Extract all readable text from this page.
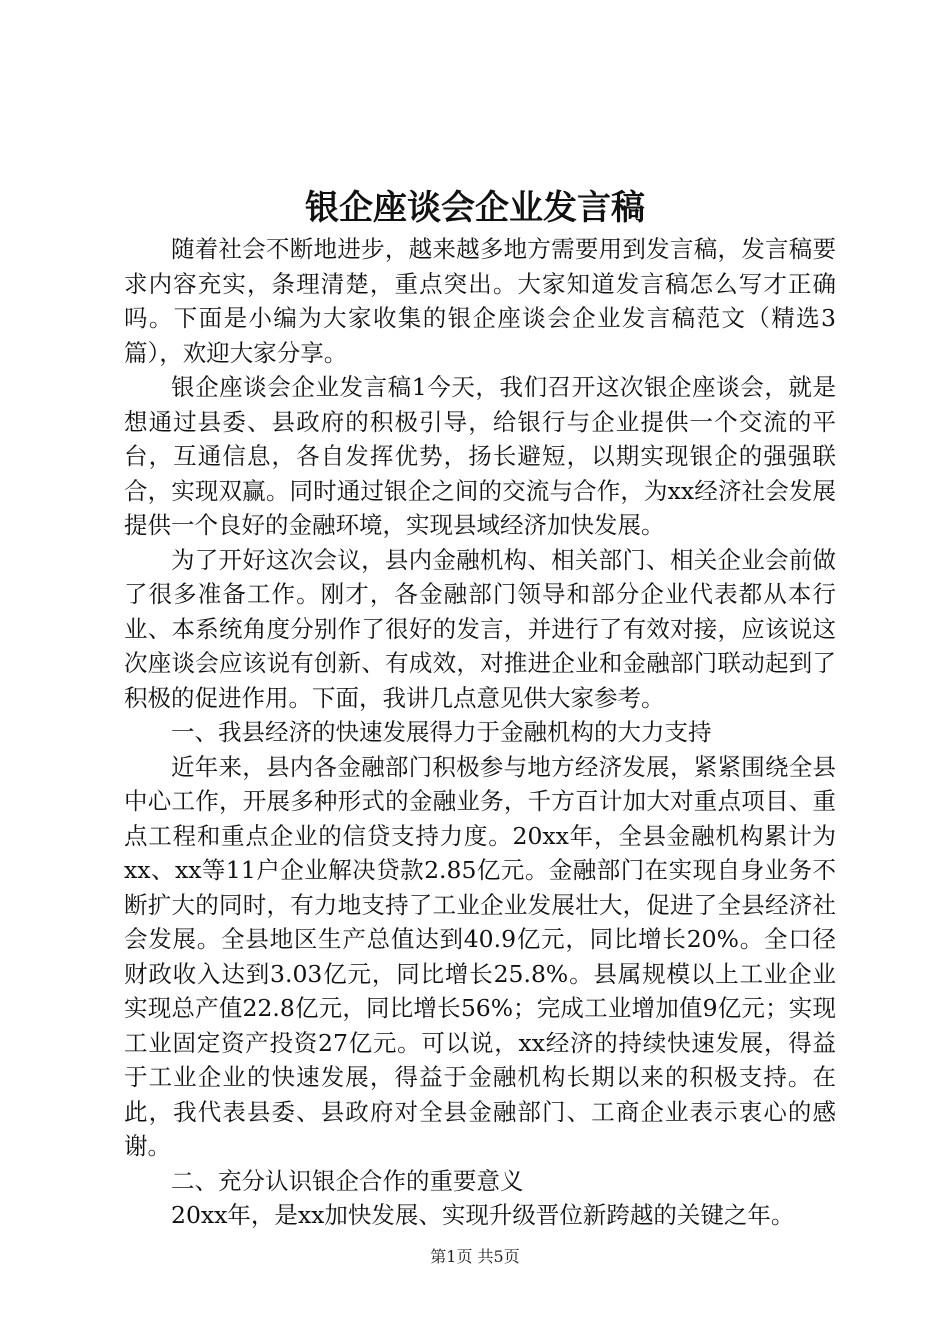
银企座谈会企业发言稿

随着社会不断地进步，越来越多地方需要用到发言稿，发言稿要求内容充实，条理清楚，重点突出。大家知道发言稿怎么写才正确吗。下面是小编为大家收集的银企座谈会企业发言稿范文（精选3篇），欢迎大家分享。

银企座谈会企业发言稿1今天，我们召开这次银企座谈会，就是想通过县委、县政府的积极引导，给银行与企业提供一个交流的平台，互通信息，各自发挥优势，扬长避短，以期实现银企的强强联合，实现双赢。同时通过银企之间的交流与合作，为xx经济社会发展提供一个良好的金融环境，实现县域经济加快发展。

为了开好这次会议，县内金融机构、相关部门、相关企业会前做了很多准备工作。刚才，各金融部门领导和部分企业代表都从本行业、本系统角度分别作了很好的发言，并进行了有效对接，应该说这次座谈会应该说有创新、有成效，对推进企业和金融部门联动起到了积极的促进作用。下面，我讲几点意见供大家参考。

一、我县经济的快速发展得力于金融机构的大力支持

近年来，县内各金融部门积极参与地方经济发展，紧紧围绕全县中心工作，开展多种形式的金融业务，千方百计加大对重点项目、重点工程和重点企业的信贷支持力度。20xx年，全县金融机构累计为xx、xx等11户企业解决贷款2.85亿元。金融部门在实现自身业务不断扩大的同时，有力地支持了工业企业发展壮大，促进了全县经济社会发展。全县地区生产总值达到40.9亿元，同比增长20%。全口径财政收入达到3.03亿元，同比增长25.8%。县属规模以上工业企业实现总产值22.8亿元，同比增长56%；完成工业增加值9亿元；实现工业固定资产投资27亿元。可以说，xx经济的持续快速发展，得益于工业企业的快速发展，得益于金融机构长期以来的积极支持。在此，我代表县委、县政府对全县金融部门、工商企业表示衷心的感谢。

二、充分认识银企合作的重要意义

20xx年，是xx加快发展、实现升级晋位新跨越的关键之年。

第1页 共5页
